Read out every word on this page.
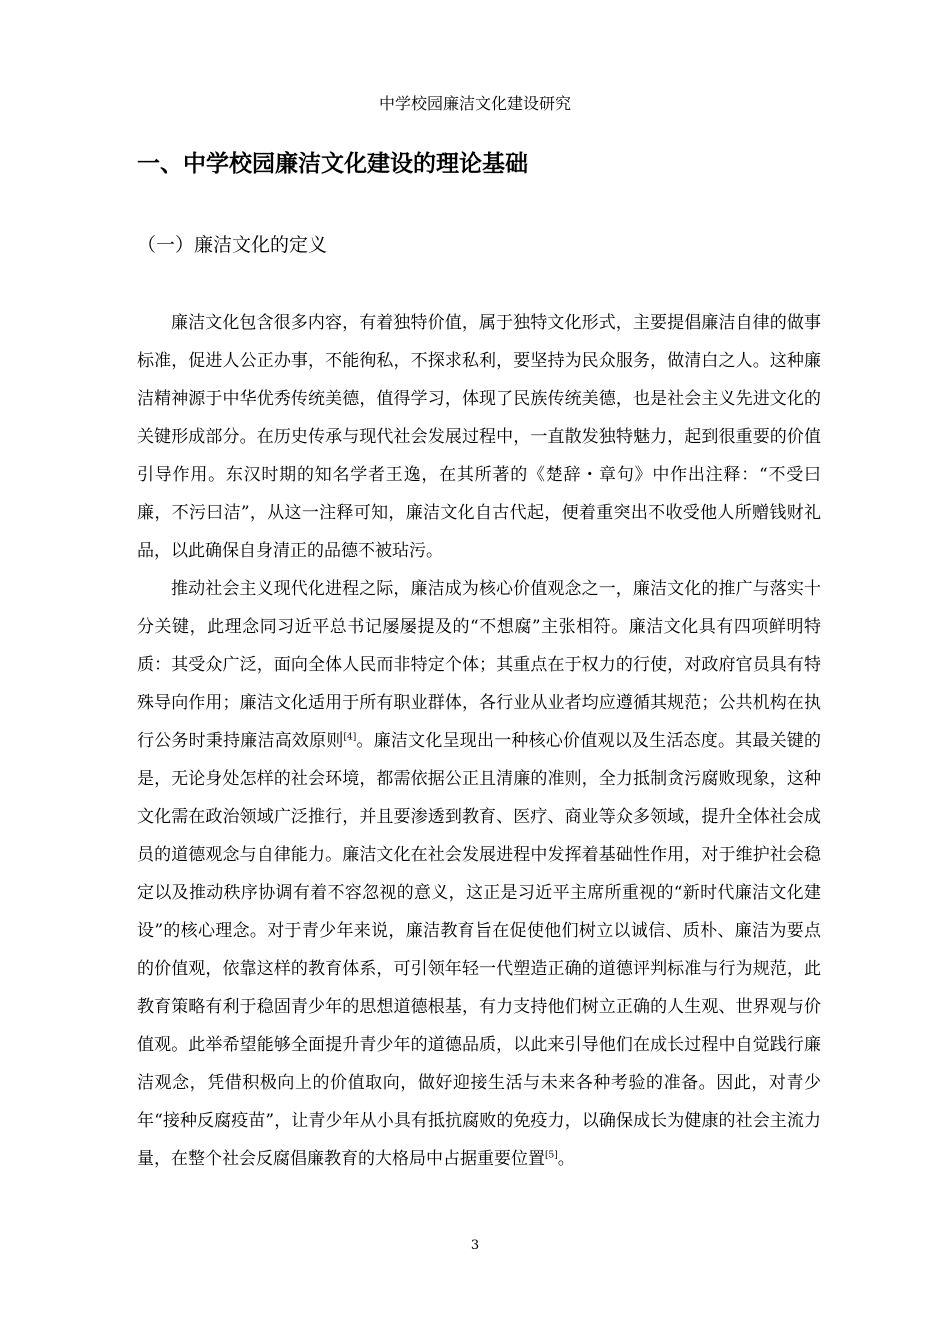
中学校园廉洁文化建设研究
一、中学校园廉洁文化建设的理论基础
（一）廉洁文化的定义

廉洁文化包含很多内容，有着独特价值，属于独特文化形式，主要提倡廉洁自律的做事标准，促进人公正办事，不能徇私，不探求私利，要坚持为民众服务，做清白之人。这种廉洁精神源于中华优秀传统美德，值得学习，体现了民族传统美德，也是社会主义先进文化的关键形成部分。在历史传承与现代社会发展过程中，一直散发独特魅力，起到很重要的价值引导作用。东汉时期的知名学者王逸，在其所著的《楚辞・章句》中作出注释：“不受曰廉，不污曰洁”，从这一注释可知，廉洁文化自古代起，便着重突出不收受他人所赠钱财礼品，以此确保自身清正的品德不被玷污。

推动社会主义现代化进程之际，廉洁成为核心价值观念之一，廉洁文化的推广与落实十分关键，此理念同习近平总书记屡屡提及的“不想腐”主张相符。廉洁文化具有四项鲜明特质：其受众广泛，面向全体人民而非特定个体；其重点在于权力的行使，对政府官员具有特殊导向作用；廉洁文化适用于所有职业群体，各行业从业者均应遵循其规范；公共机构在执行公务时秉持廉洁高效原则[4]。廉洁文化呈现出一种核心价值观以及生活态度。其最关键的是，无论身处怎样的社会环境，都需依据公正且清廉的准则，全力抵制贪污腐败现象，这种文化需在政治领域广泛推行，并且要渗透到教育、医疗、商业等众多领域，提升全体社会成员的道德观念与自律能力。廉洁文化在社会发展进程中发挥着基础性作用，对于维护社会稳定以及推动秩序协调有着不容忽视的意义，这正是习近平主席所重视的“新时代廉洁文化建设”的核心理念。对于青少年来说，廉洁教育旨在促使他们树立以诚信、质朴、廉洁为要点的价值观，依靠这样的教育体系，可引领年轻一代塑造正确的道德评判标准与行为规范，此教育策略有利于稳固青少年的思想道德根基，有力支持他们树立正确的人生观、世界观与价值观。此举希望能够全面提升青少年的道德品质，以此来引导他们在成长过程中自觉践行廉洁观念，凭借积极向上的价值取向，做好迎接生活与未来各种考验的准备。因此，对青少年“接种反腐疫苗”，让青少年从小具有抵抗腐败的免疫力，以确保成长为健康的社会主流力量，在整个社会反腐倡廉教育的大格局中占据重要位置[5]。

3
